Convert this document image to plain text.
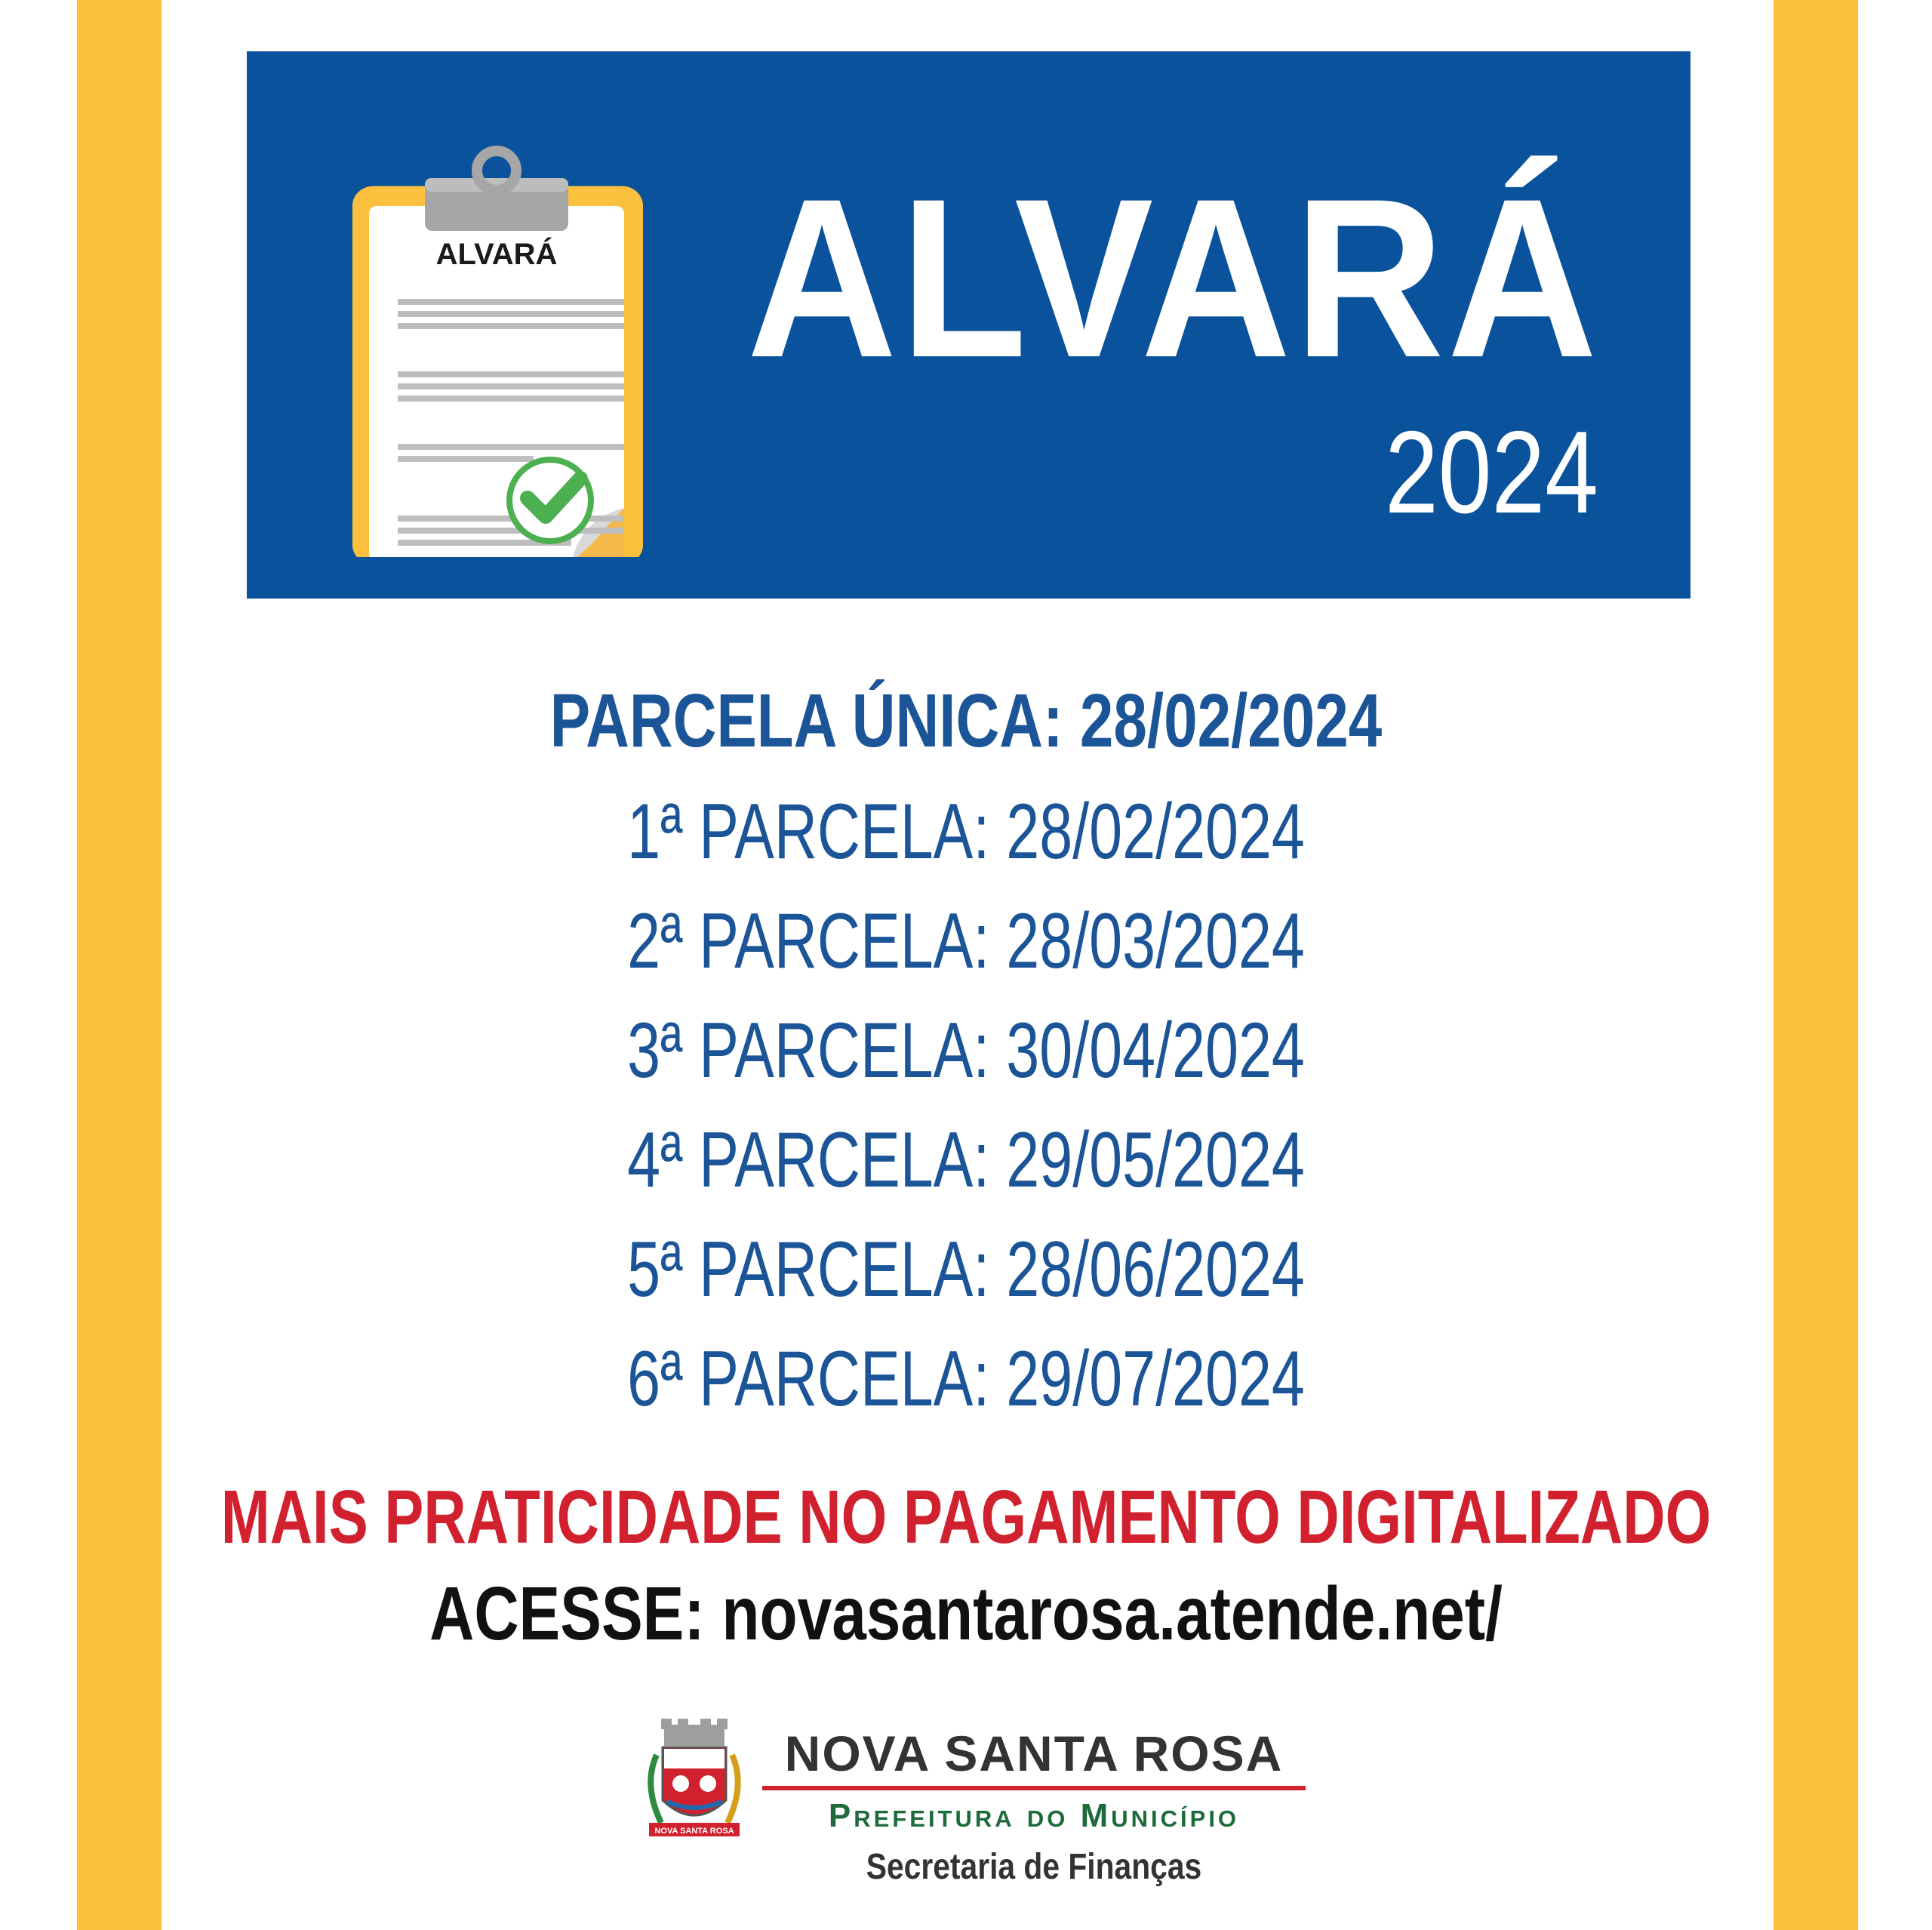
ALVARÁ ALVARÁ
2024
PARCELA ÚNICA: 28/02/2024
1ª PARCELA: 28/02/2024
2ª PARCELA: 28/03/2024
3ª PARCELA: 30/04/2024
4ª PARCELA: 29/05/2024
5ª PARCELA: 28/06/2024
6ª PARCELA: 29/07/2024
MAIS PRATICIDADE NO PAGAMENTO DIGITALIZADO
ACESSE: novasantarosa.atende.net/
NOVA SANTA ROSA
NOVA SANTA ROSA
Prefeitura do Município
Secretaria de Finanças
